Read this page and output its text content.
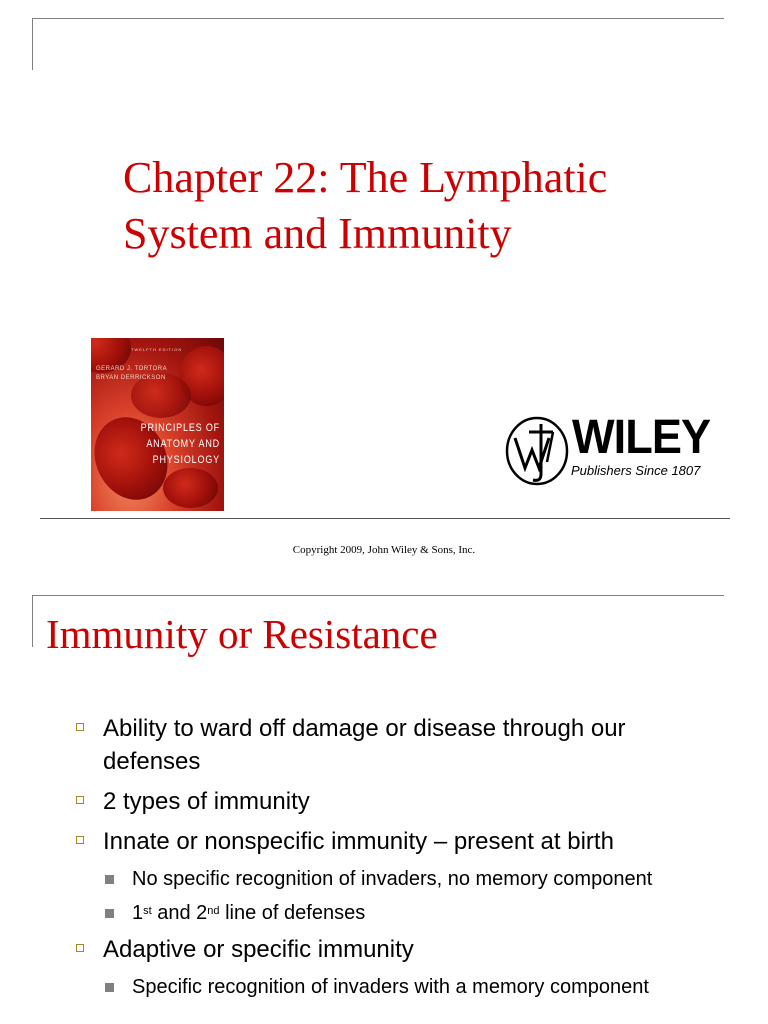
Chapter 22: The Lymphatic
System and Immunity
TWELFTH EDITION
GERARD J. TORTORA
BRYAN DERRICKSON
PRINCIPLES OF
ANATOMY AND
PHYSIOLOGY	WILEY
Publishers Since 1807
Copyright 2009, John Wiley & Sons, Inc.
Immunity or Resistance
Ability to ward off damage or disease through our defenses
2 types of immunity
Innate or nonspecific immunity – present at birth
No specific recognition of invaders, no memory component
1st and 2nd line of defenses
Adaptive or specific immunity
Specific recognition of invaders with a memory component
